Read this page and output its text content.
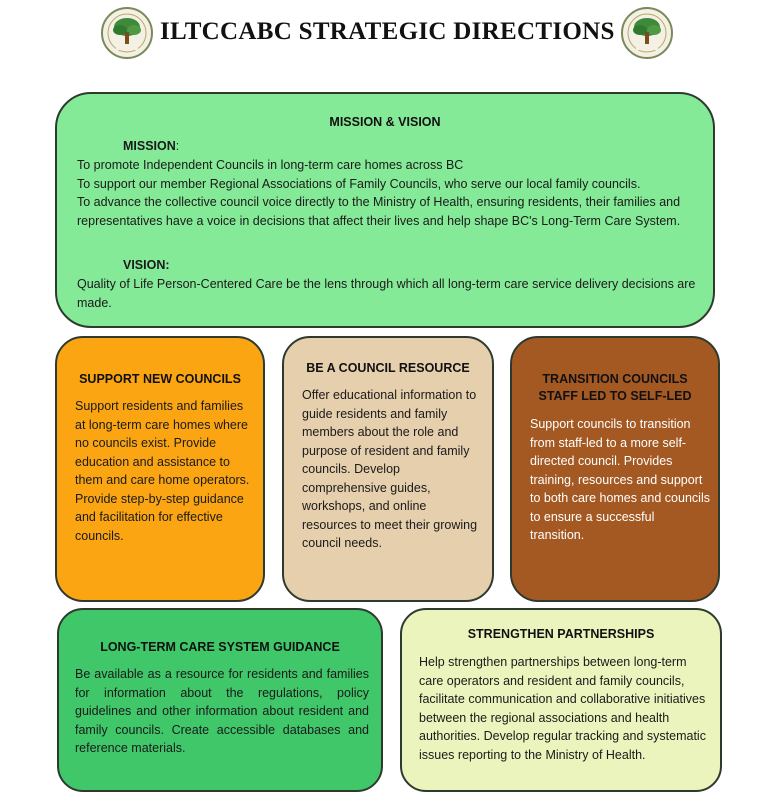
ILTCCABC STRATEGIC DIRECTIONS
MISSION & VISION
MISSION:
To promote Independent Councils in long-term care homes across BC
To support our member Regional Associations of Family Councils, who serve our local family councils.
To advance the collective council voice directly to the Ministry of Health, ensuring residents, their families and representatives have a voice in decisions that affect their lives and help shape BC's Long-Term Care System.
VISION:
Quality of Life Person-Centered Care be the lens through which all long-term care service delivery decisions are made.
SUPPORT NEW COUNCILS
Support residents and families at long-term care homes where no councils exist. Provide education and assistance to them and care home operators. Provide step-by-step guidance and facilitation for effective councils.
BE A COUNCIL RESOURCE
Offer educational information to guide residents and family members about the role and purpose of resident and family councils. Develop comprehensive guides, workshops, and online resources to meet their growing council needs.
TRANSITION COUNCILS
STAFF LED TO SELF-LED
Support councils to transition from staff-led to a more self-directed council. Provides training, resources and support to both care homes and councils to ensure a successful transition.
LONG-TERM CARE SYSTEM GUIDANCE
Be available as a resource for residents and families for information about the regulations, policy guidelines and other information about resident and family councils. Create accessible databases and reference materials.
STRENGTHEN PARTNERSHIPS
Help strengthen partnerships between long-term care operators and resident and family councils, facilitate communication and collaborative initiatives between the regional associations and health authorities. Develop regular tracking and systematic issues reporting to the Ministry of Health.
